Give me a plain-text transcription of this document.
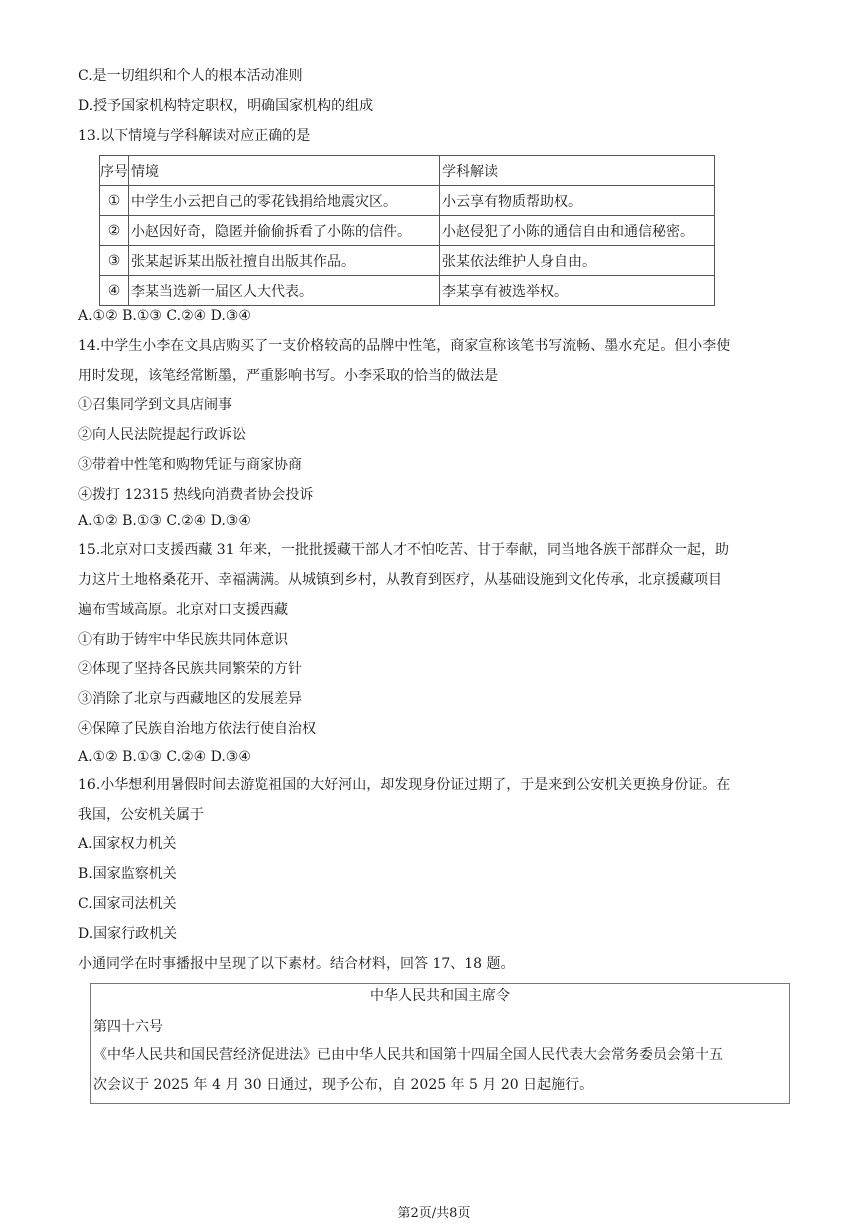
C.是一切组织和个人的根本活动准则
D.授予国家机构特定职权，明确国家机构的组成
13.以下情境与学科解读对应正确的是
序号	情境	学科解读
①	中学生小云把自己的零花钱捐给地震灾区。	小云享有物质帮助权。
②	小赵因好奇，隐匿并偷偷拆看了小陈的信件。	小赵侵犯了小陈的通信自由和通信秘密。
③	张某起诉某出版社擅自出版其作品。	张某依法维护人身自由。
④	李某当选新一届区人大代表。	李某享有被选举权。
A.①② B.①③ C.②④ D.③④
14.中学生小李在文具店购买了一支价格较高的品牌中性笔，商家宣称该笔书写流畅、墨水充足。但小李使
用时发现，该笔经常断墨，严重影响书写。小李采取的恰当的做法是
①召集同学到文具店闹事
②向人民法院提起行政诉讼
③带着中性笔和购物凭证与商家协商
④拨打 12315 热线向消费者协会投诉
A.①② B.①③ C.②④ D.③④
15.北京对口支援西藏 31 年来，一批批援藏干部人才不怕吃苦、甘于奉献，同当地各族干部群众一起，助
力这片土地格桑花开、幸福满满。从城镇到乡村，从教育到医疗，从基础设施到文化传承，北京援藏项目
遍布雪域高原。北京对口支援西藏
①有助于铸牢中华民族共同体意识
②体现了坚持各民族共同繁荣的方针
③消除了北京与西藏地区的发展差异
④保障了民族自治地方依法行使自治权
A.①② B.①③ C.②④ D.③④
16.小华想利用暑假时间去游览祖国的大好河山，却发现身份证过期了，于是来到公安机关更换身份证。在
我国，公安机关属于
A.国家权力机关
B.国家监察机关
C.国家司法机关
D.国家行政机关
小通同学在时事播报中呈现了以下素材。结合材料，回答 17、18 题。
中华人民共和国主席令
第四十六号
《中华人民共和国民营经济促进法》已由中华人民共和国第十四届全国人民代表大会常务委员会第十五
次会议于 2025 年 4 月 30 日通过，现予公布，自 2025 年 5 月 20 日起施行。
第2页/共8页
